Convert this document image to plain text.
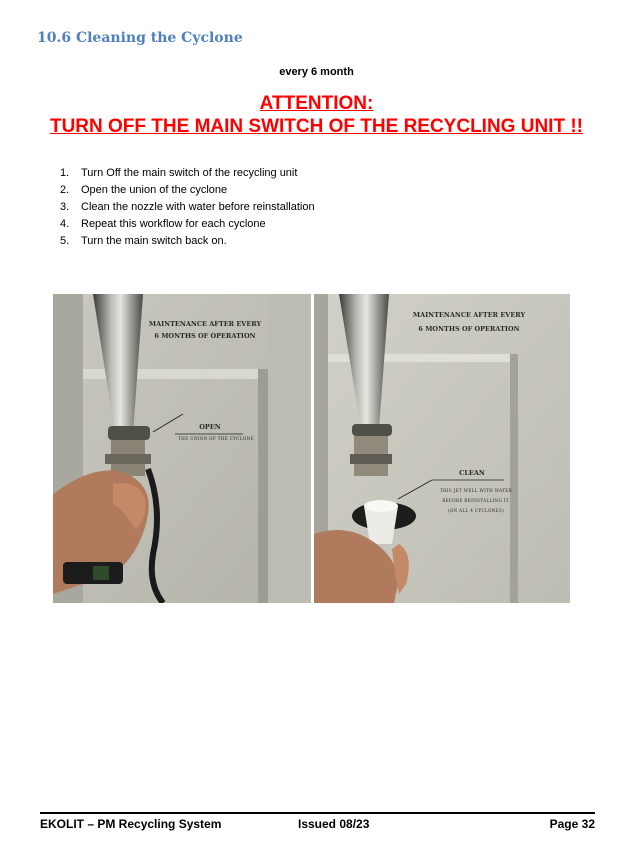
10.6 Cleaning the Cyclone
every 6 month
ATTENTION:
TURN OFF THE MAIN SWITCH OF THE RECYCLING UNIT !!
1. Turn Off the main switch of the recycling unit
2. Open the union of the cyclone
3. Clean the nozzle with water before reinstallation
4. Repeat this workflow for each cyclone
5. Turn the main switch back on.
MAINTENANCE AFTER EVERY
6 MONTHS OF OPERATION
OPEN
THE UNION OF THE CYCLONE
MAINTENANCE AFTER EVERY
6 MONTHS OF OPERATION
CLEAN
THIS JET WELL WITH WATER
BEFORE REINSTALLING IT.
(ON ALL 4 CYCLONES)
EKOLIT – PM Recycling System	Issued 08/23	Page 32
